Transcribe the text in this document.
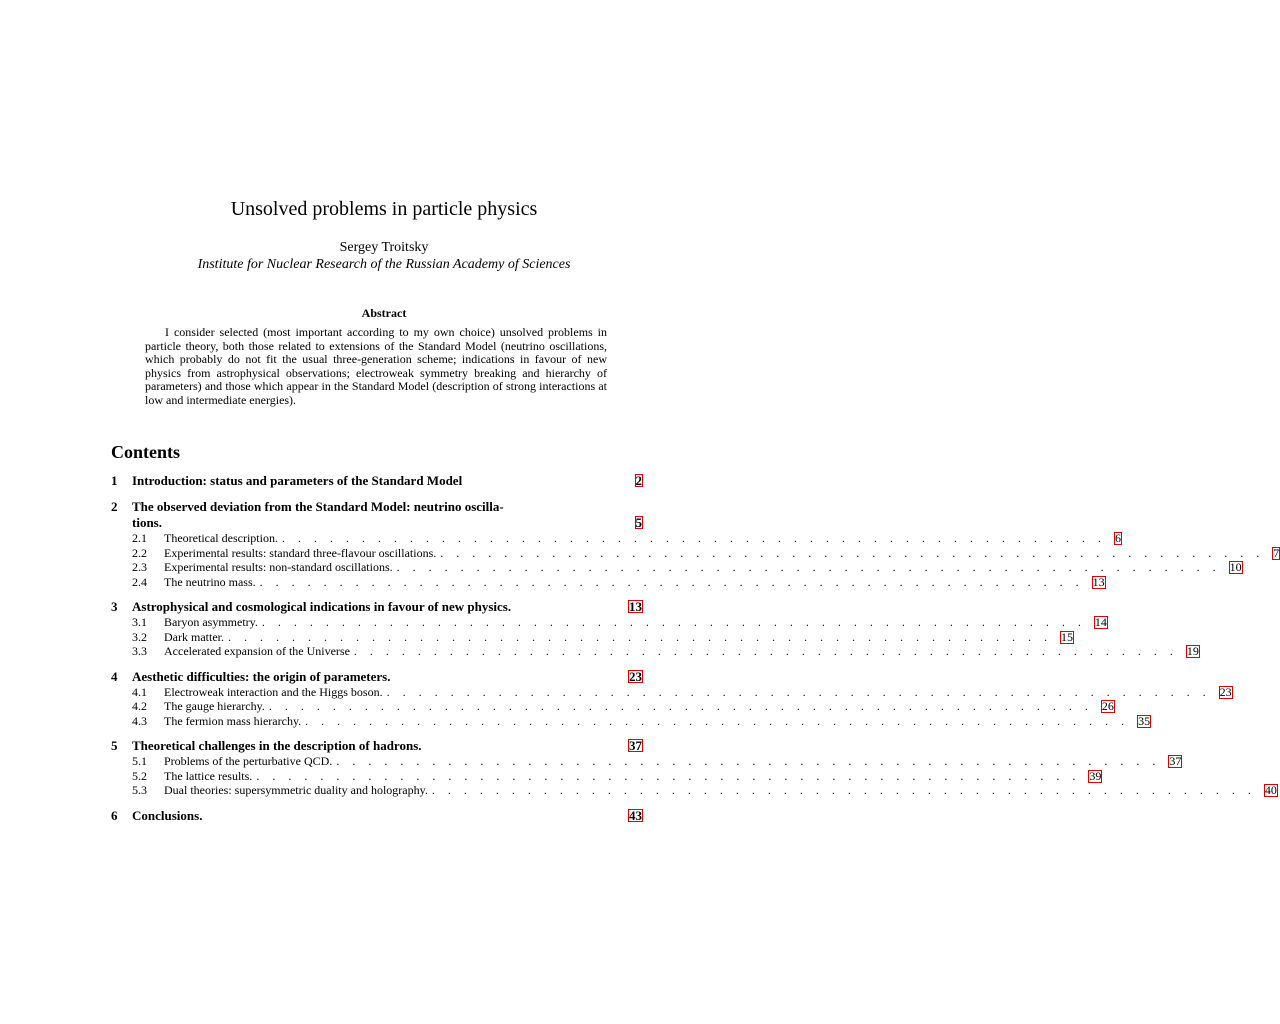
Unsolved problems in particle physics
Sergey Troitsky
Institute for Nuclear Research of the Russian Academy of Sciences
Abstract
I consider selected (most important according to my own choice) unsolved problems in particle theory, both those related to extensions of the Standard Model (neutrino oscillations, which probably do not fit the usual three-generation scheme; indications in favour of new physics from astrophysical observations; electroweak symmetry breaking and hierarchy of parameters) and those which appear in the Standard Model (description of strong interactions at low and intermediate energies).
Contents
1	Introduction: status and parameters of the Standard Model	2
2	The observed deviation from the Standard Model: neutrino oscilla-
tions.	5
2.1	Theoretical description. . . . . . . . . . . . . . . . . . . . . . . . . . . . . . . . . . . . . . . . . . . . . . . . . . . . . 6
2.2	Experimental results: standard three-flavour oscillations. . . . . . . . . . . . . . . . . . . . . . . . . . . . . . . . . . . . . . . . . . . . . . . . . . . . . 7
2.3	Experimental results: non-standard oscillations. . . . . . . . . . . . . . . . . . . . . . . . . . . . . . . . . . . . . . . . . . . . . . . . . . . . . 10
2.4	The neutrino mass. . . . . . . . . . . . . . . . . . . . . . . . . . . . . . . . . . . . . . . . . . . . . . . . . . . . . 13
3	Astrophysical and cosmological indications in favour of new physics.	13
3.1	Baryon asymmetry. . . . . . . . . . . . . . . . . . . . . . . . . . . . . . . . . . . . . . . . . . . . . . . . . . . . . 14
3.2	Dark matter. . . . . . . . . . . . . . . . . . . . . . . . . . . . . . . . . . . . . . . . . . . . . . . . . . . . . 15
3.3	Accelerated expansion of the Universe . . . . . . . . . . . . . . . . . . . . . . . . . . . . . . . . . . . . . . . . . . . . . . . . . . . . 19
4	Aesthetic difficulties: the origin of parameters.	23
4.1	Electroweak interaction and the Higgs boson. . . . . . . . . . . . . . . . . . . . . . . . . . . . . . . . . . . . . . . . . . . . . . . . . . . . . 23
4.2	The gauge hierarchy. . . . . . . . . . . . . . . . . . . . . . . . . . . . . . . . . . . . . . . . . . . . . . . . . . . . . 26
4.3	The fermion mass hierarchy. . . . . . . . . . . . . . . . . . . . . . . . . . . . . . . . . . . . . . . . . . . . . . . . . . . . . 35
5	Theoretical challenges in the description of hadrons.	37
5.1	Problems of the perturbative QCD. . . . . . . . . . . . . . . . . . . . . . . . . . . . . . . . . . . . . . . . . . . . . . . . . . . . . 37
5.2	The lattice results. . . . . . . . . . . . . . . . . . . . . . . . . . . . . . . . . . . . . . . . . . . . . . . . . . . . . 39
5.3	Dual theories: supersymmetric duality and holography. . . . . . . . . . . . . . . . . . . . . . . . . . . . . . . . . . . . . . . . . . . . . . . . . . . . . 40
6	Conclusions.	43
